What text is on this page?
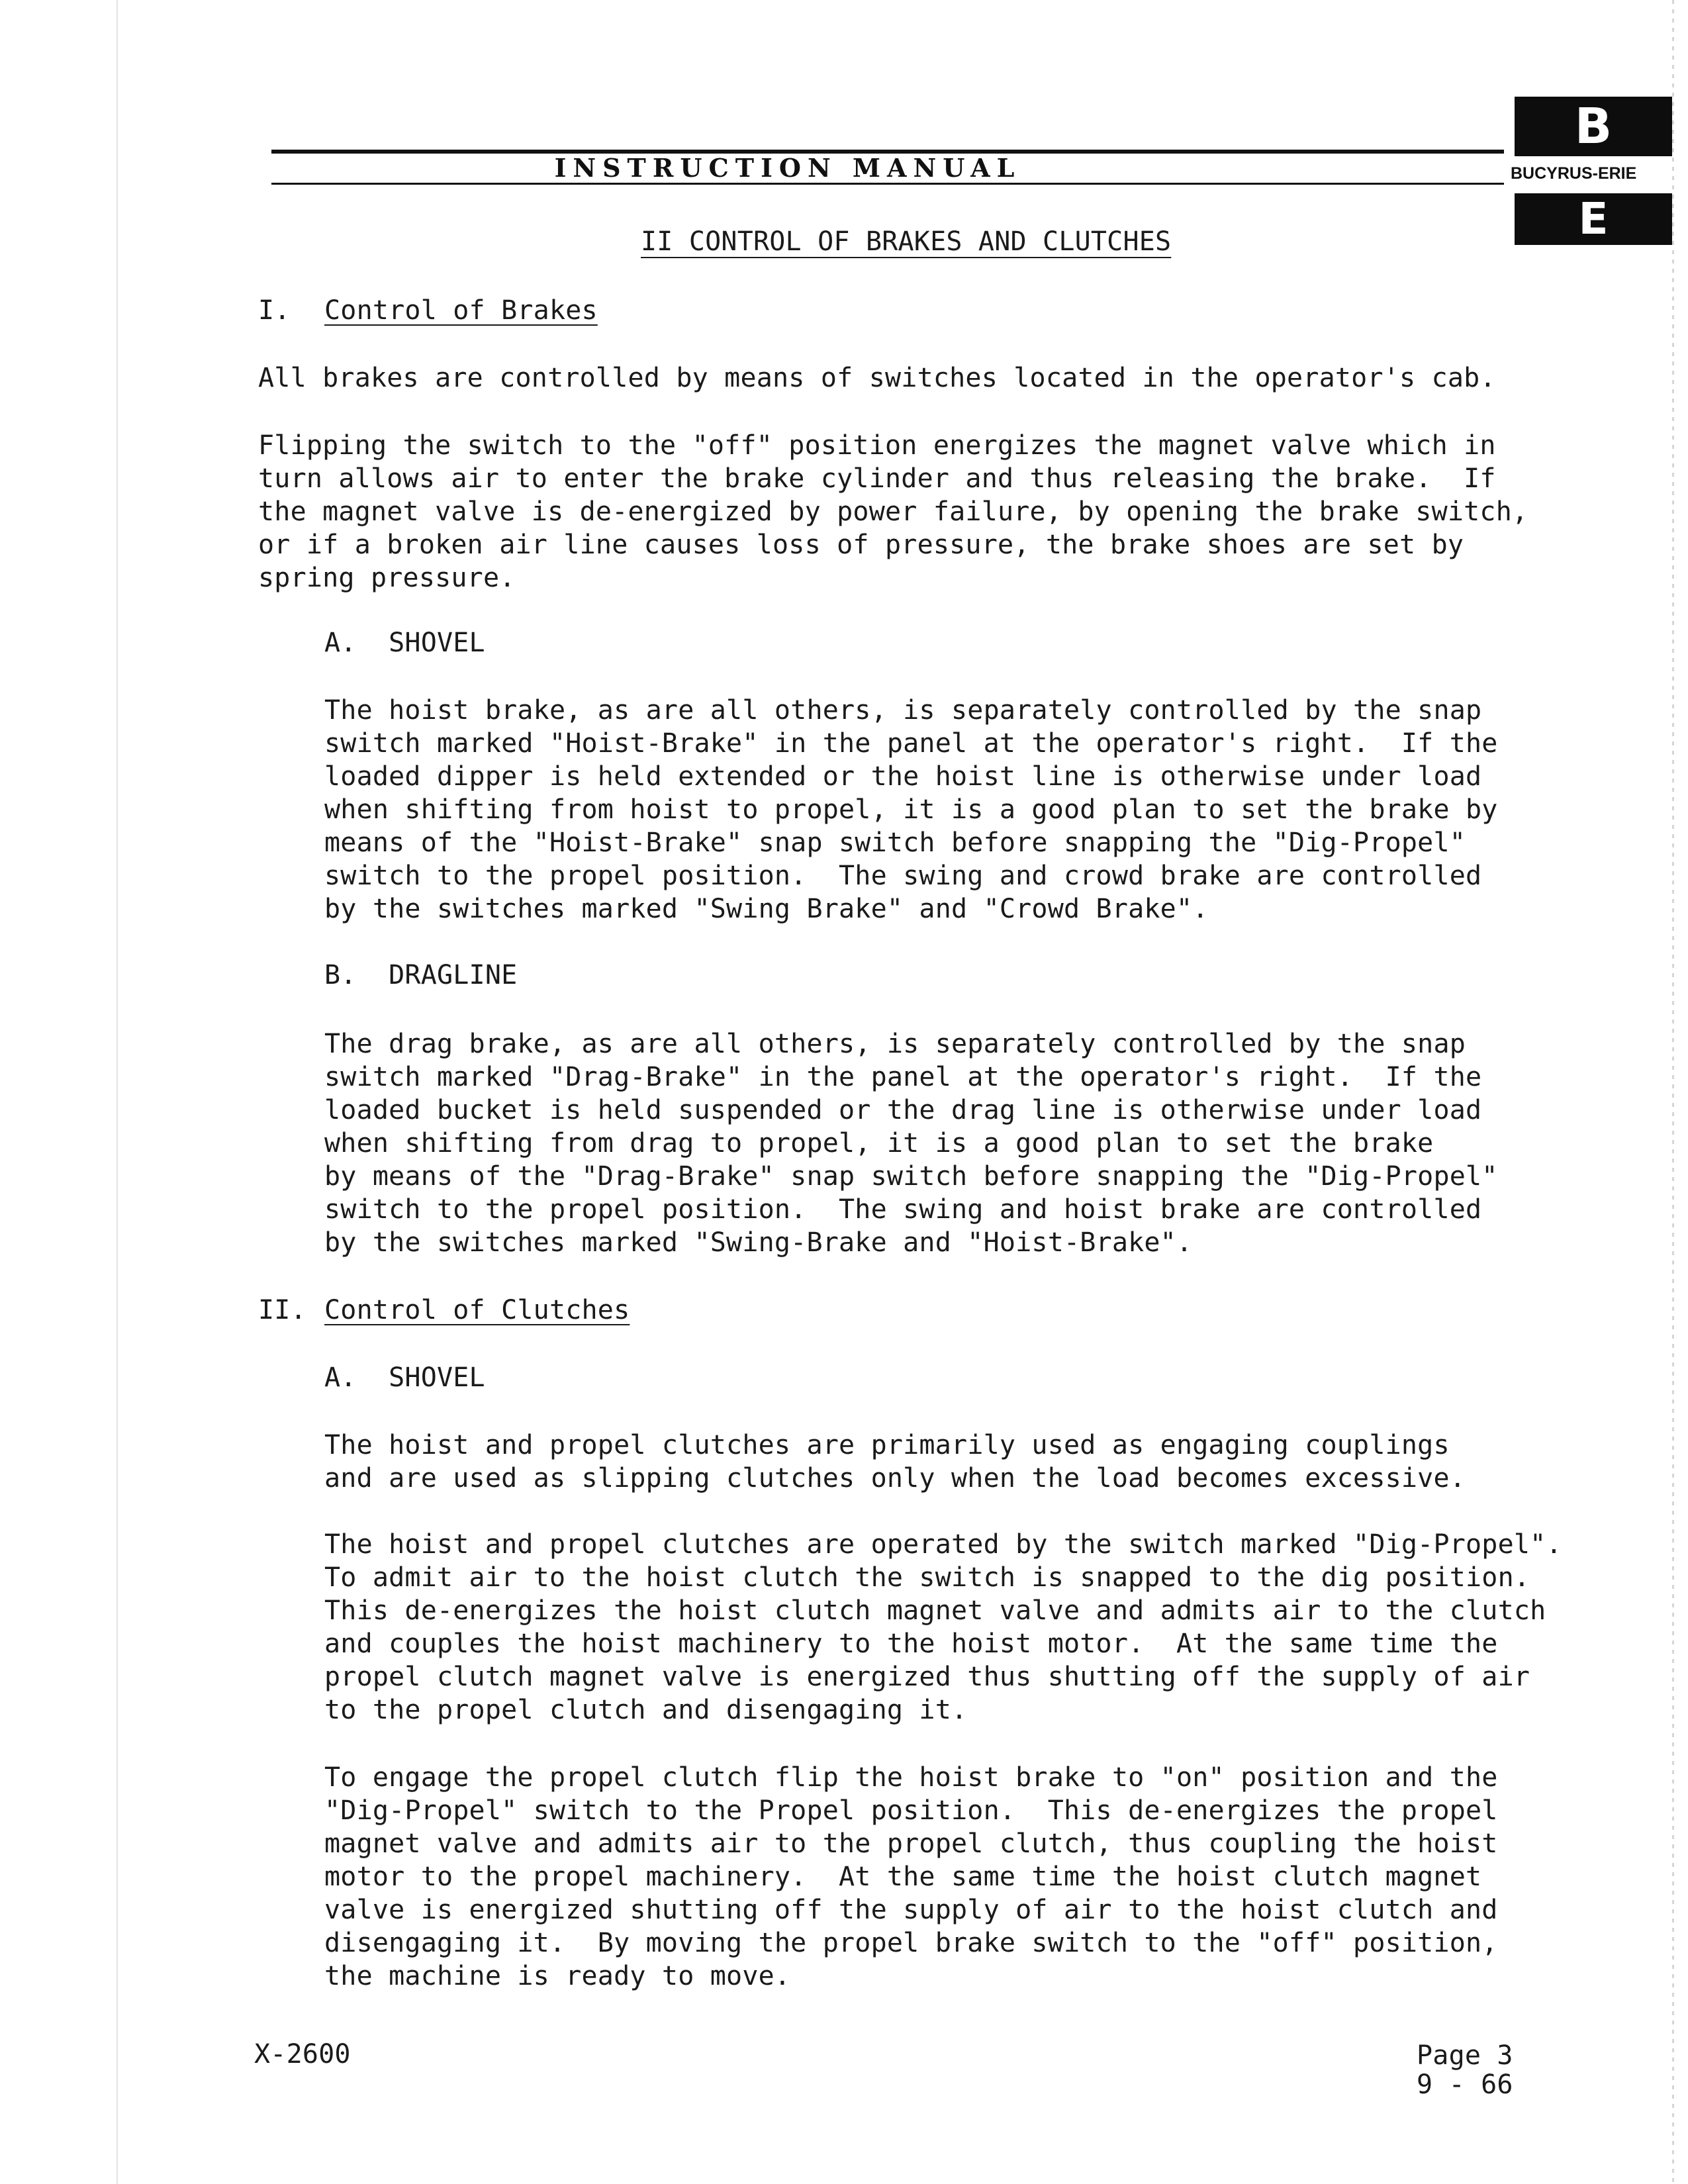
INSTRUCTION MANUAL
B
BUCYRUS-ERIE
E
II CONTROL OF BRAKES AND CLUTCHES
I. Control of Brakes
All brakes are controlled by means of switches located in the operator's cab.
Flipping the switch to the "off" position energizes the magnet valve which in
turn allows air to enter the brake cylinder and thus releasing the brake.  If
the magnet valve is de-energized by power failure, by opening the brake switch,
or if a broken air line causes loss of pressure, the brake shoes are set by
spring pressure.
A.  SHOVEL
The hoist brake, as are all others, is separately controlled by the snap
switch marked "Hoist-Brake" in the panel at the operator's right.  If the
loaded dipper is held extended or the hoist line is otherwise under load
when shifting from hoist to propel, it is a good plan to set the brake by
means of the "Hoist-Brake" snap switch before snapping the "Dig-Propel"
switch to the propel position.  The swing and crowd brake are controlled
by the switches marked "Swing Brake" and "Crowd Brake".
B.  DRAGLINE
The drag brake, as are all others, is separately controlled by the snap
switch marked "Drag-Brake" in the panel at the operator's right.  If the
loaded bucket is held suspended or the drag line is otherwise under load
when shifting from drag to propel, it is a good plan to set the brake
by means of the "Drag-Brake" snap switch before snapping the "Dig-Propel"
switch to the propel position.  The swing and hoist brake are controlled
by the switches marked "Swing-Brake and "Hoist-Brake".
II. Control of Clutches
A.  SHOVEL
The hoist and propel clutches are primarily used as engaging couplings
and are used as slipping clutches only when the load becomes excessive.
The hoist and propel clutches are operated by the switch marked "Dig-Propel".
To admit air to the hoist clutch the switch is snapped to the dig position.
This de-energizes the hoist clutch magnet valve and admits air to the clutch
and couples the hoist machinery to the hoist motor.  At the same time the
propel clutch magnet valve is energized thus shutting off the supply of air
to the propel clutch and disengaging it.
To engage the propel clutch flip the hoist brake to "on" position and the
"Dig-Propel" switch to the Propel position.  This de-energizes the propel
magnet valve and admits air to the propel clutch, thus coupling the hoist
motor to the propel machinery.  At the same time the hoist clutch magnet
valve is energized shutting off the supply of air to the hoist clutch and
disengaging it.  By moving the propel brake switch to the "off" position,
the machine is ready to move.
X-2600	Page 3
9 - 66
